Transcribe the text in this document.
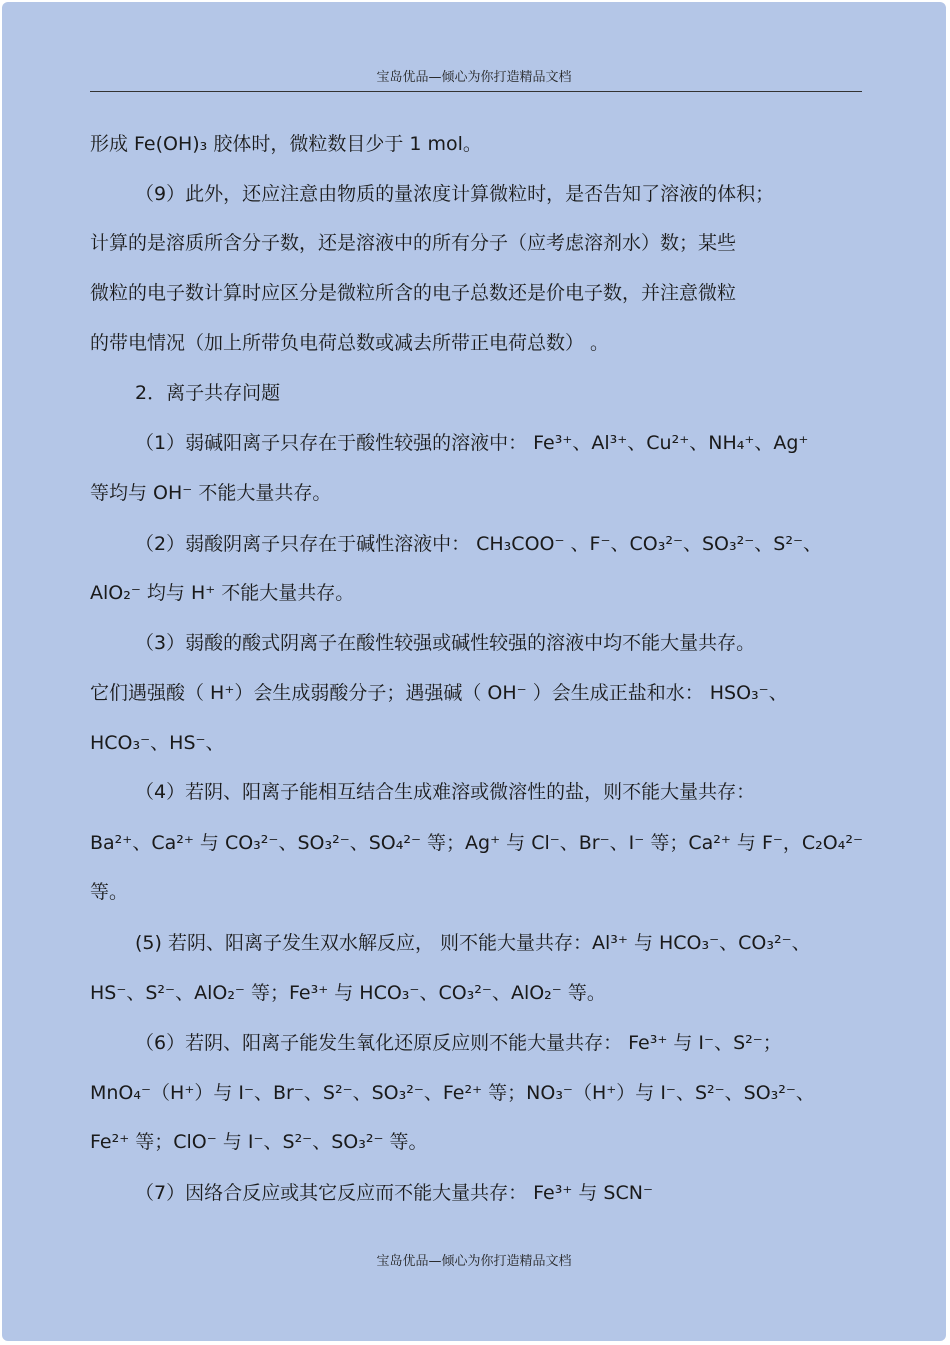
宝岛优品—倾心为你打造精品文档
形成 Fe(OH)₃ 胶体时，微粒数目少于 1 mol。
（9）此外，还应注意由物质的量浓度计算微粒时，是否告知了溶液的体积；
计算的是溶质所含分子数，还是溶液中的所有分子（应考虑溶剂水）数；某些
微粒的电子数计算时应区分是微粒所含的电子总数还是价电子数，并注意微粒
的带电情况（加上所带负电荷总数或减去所带正电荷总数） 。
2．离子共存问题
（1）弱碱阳离子只存在于酸性较强的溶液中： Fe³⁺、Al³⁺、Cu²⁺、NH₄⁺、Ag⁺
等均与 OH⁻ 不能大量共存。
（2）弱酸阴离子只存在于碱性溶液中： CH₃COO⁻ 、F⁻、CO₃²⁻、SO₃²⁻、S²⁻、
AlO₂⁻ 均与 H⁺ 不能大量共存。
（3）弱酸的酸式阴离子在酸性较强或碱性较强的溶液中均不能大量共存。
它们遇强酸（ H⁺）会生成弱酸分子；遇强碱（ OH⁻ ）会生成正盐和水： HSO₃⁻、
HCO₃⁻、HS⁻、
（4）若阴、阳离子能相互结合生成难溶或微溶性的盐，则不能大量共存：
Ba²⁺、Ca²⁺ 与 CO₃²⁻、SO₃²⁻、SO₄²⁻ 等；Ag⁺ 与 Cl⁻、Br⁻、I⁻ 等；Ca²⁺ 与 F⁻，C₂O₄²⁻
等。
(5) 若阴、阳离子发生双水解反应， 则不能大量共存：Al³⁺ 与 HCO₃⁻、CO₃²⁻、
HS⁻、S²⁻、AlO₂⁻ 等；Fe³⁺ 与 HCO₃⁻、CO₃²⁻、AlO₂⁻ 等。
（6）若阴、阳离子能发生氧化还原反应则不能大量共存： Fe³⁺ 与 I⁻、S²⁻；
MnO₄⁻（H⁺）与 I⁻、Br⁻、S²⁻、SO₃²⁻、Fe²⁺ 等；NO₃⁻（H⁺）与 I⁻、S²⁻、SO₃²⁻、
Fe²⁺ 等；ClO⁻ 与 I⁻、S²⁻、SO₃²⁻ 等。
（7）因络合反应或其它反应而不能大量共存： Fe³⁺ 与 SCN⁻
宝岛优品—倾心为你打造精品文档
